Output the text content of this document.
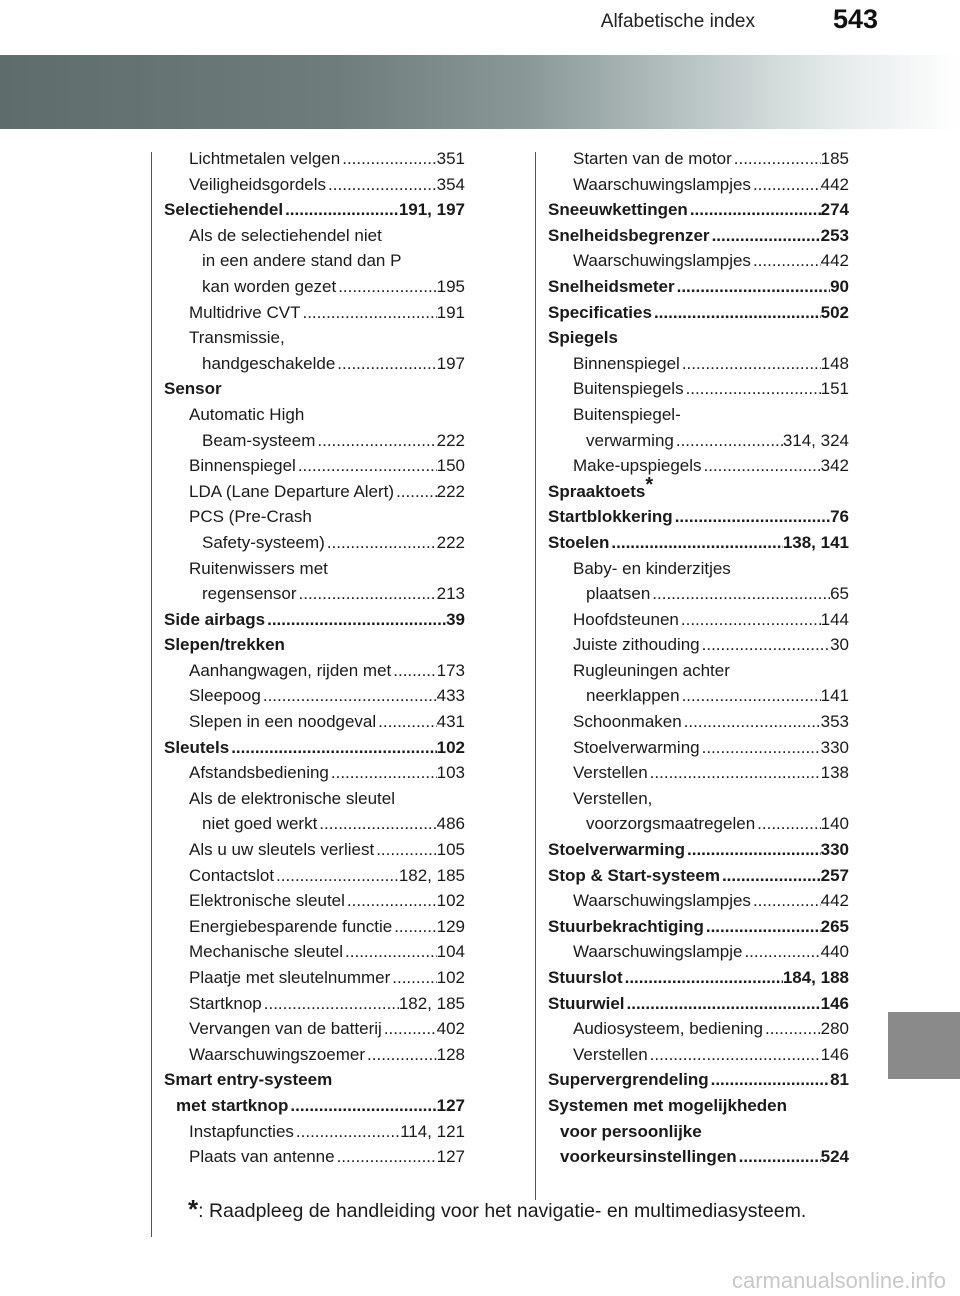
Alfabetische index	543
Lichtmetalen velgen .....	351
Veiligheidsgordels .....	354
Selectiehendel .....	191, 197
Als de selectiehendel niet
in een andere stand dan P
kan worden gezet .....	195
Multidrive CVT .....	191
Transmissie,
handgeschakelde .....	197
Sensor
Automatic High
Beam-systeem .....	222
Binnenspiegel .....	150
LDA (Lane Departure Alert) .....	222
PCS (Pre-Crash
Safety-systeem) .....	222
Ruitenwissers met
regensensor .....	213
Side airbags .....	39
Slepen/trekken
Aanhangwagen, rijden met .....	173
Sleepoog .....	433
Slepen in een noodgeval .....	431
Sleutels .....	102
Afstandsbediening .....	103
Als de elektronische sleutel
niet goed werkt .....	486
Als u uw sleutels verliest .....	105
Contactslot .....	182, 185
Elektronische sleutel .....	102
Energiebesparende functie .....	129
Mechanische sleutel .....	104
Plaatje met sleutelnummer .....	102
Startknop .....	182, 185
Vervangen van de batterij .....	402
Waarschuwingszoemer .....	128
Smart entry-systeem
met startknop .....	127
Instapfuncties .....	114, 121
Plaats van antenne .....	127
Starten van de motor .....	185
Waarschuwingslampjes .....	442
Sneeuwkettingen .....	274
Snelheidsbegrenzer .....	253
Waarschuwingslampjes .....	442
Snelheidsmeter .....	90
Specificaties .....	502
Spiegels
Binnenspiegel .....	148
Buitenspiegels .....	151
Buitenspiegel-
verwarming .....	314, 324
Make-upspiegels .....	342
Spraaktoets *
Startblokkering .....	76
Stoelen .....	138, 141
Baby- en kinderzitjes
plaatsen .....	65
Hoofdsteunen .....	144
Juiste zithouding .....	30
Rugleuningen achter
neerklappen .....	141
Schoonmaken .....	353
Stoelverwarming .....	330
Verstellen .....	138
Verstellen,
voorzorgsmaatregelen .....	140
Stoelverwarming .....	330
Stop & Start-systeem .....	257
Waarschuwingslampjes .....	442
Stuurbekrachtiging .....	265
Waarschuwingslampje .....	440
Stuurslot .....	184, 188
Stuurwiel .....	146
Audiosysteem, bediening .....	280
Verstellen .....	146
Supervergrendeling .....	81
Systemen met mogelijkheden
voor persoonlijke
voorkeursinstellingen .....	524
*: Raadpleeg de handleiding voor het navigatie- en multimediasysteem.
carmanualsonline.info
